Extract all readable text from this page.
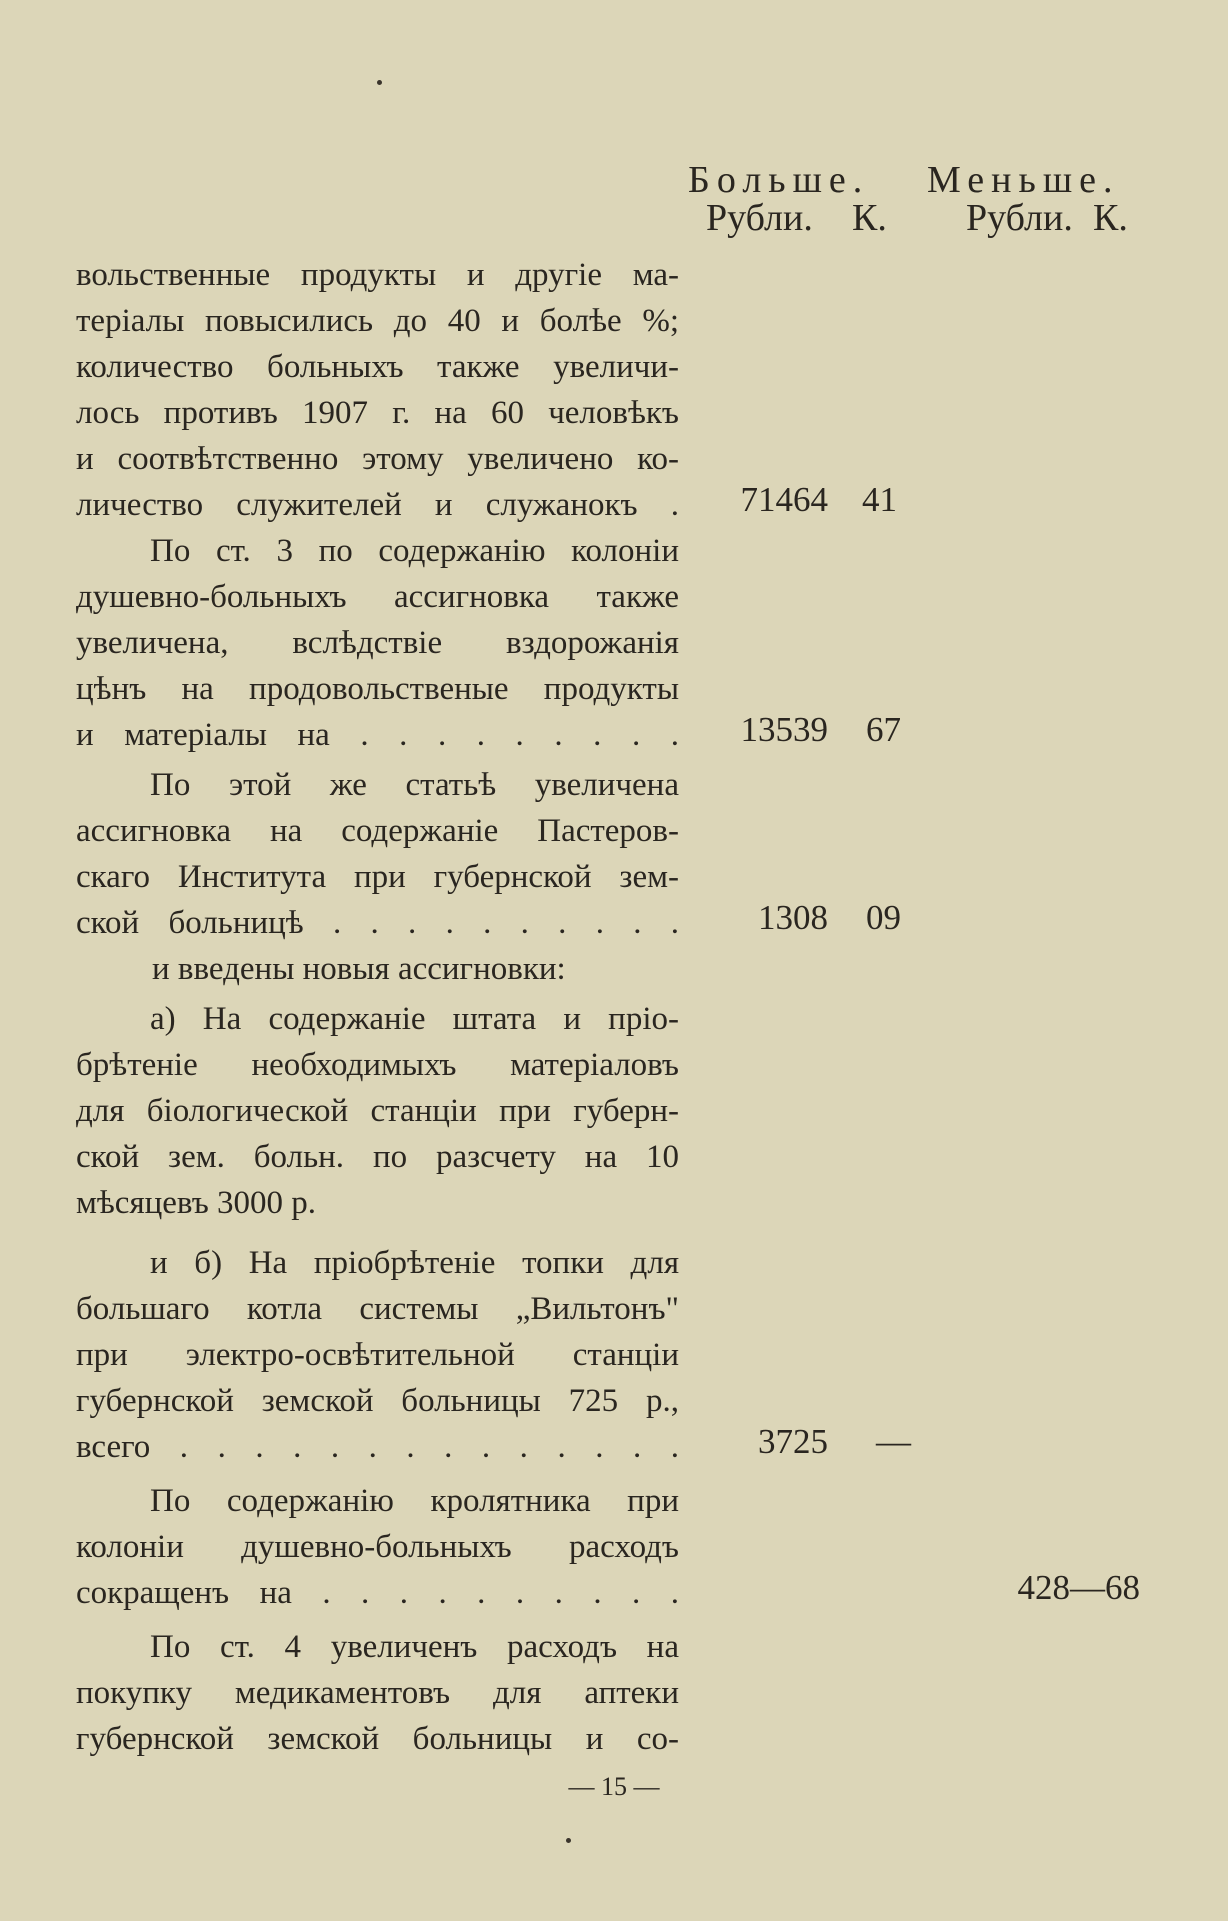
Больше. Меньше.
Рубли. К. Рубли. К.
вольственные продукты и другіе ма-
теріалы повысились до 40 и болѣе %;
количество больныхъ также увеличи-
лось противъ 1907 г. на 60 человѣкъ
и соотвѣтственно этому увеличено ко-
личество служителей и служанокъ .
По ст. 3 по содержанію колоніи
душевно-больныхъ ассигновка также
увеличена, вслѣдствіе вздорожанія
цѣнъ на продовольственые продукты
и матеріалы на . . . . . . . . .
По этой же статьѣ увеличена
ассигновка на содержаніе Пастеров-
скаго Института при губернской зем-
ской больницѣ . . . . . . . . . .
и введены новыя ассигновки:
а) На содержаніе штата и пріо-
брѣтеніе необходимыхъ матеріаловъ
для біологической станціи при губерн-
ской зем. больн. по разсчету на 10
мѣсяцевъ 3000 р.
и б) На пріобрѣтеніе топки для
большаго котла системы „Вильтонъ"
при электро-освѣтительной станціи
губернской земской больницы 725 р.,
всего . . . . . . . . . . . . . .
По содержанію кролятника при
колоніи душевно-больныхъ расходъ
сокращенъ на . . . . . . . . . .
По ст. 4 увеличенъ расходъ на
покупку медикаментовъ для аптеки
губернской земской больницы и со-
71464 41
13539 67
1308 09
3725 —
428—68
— 15 —
